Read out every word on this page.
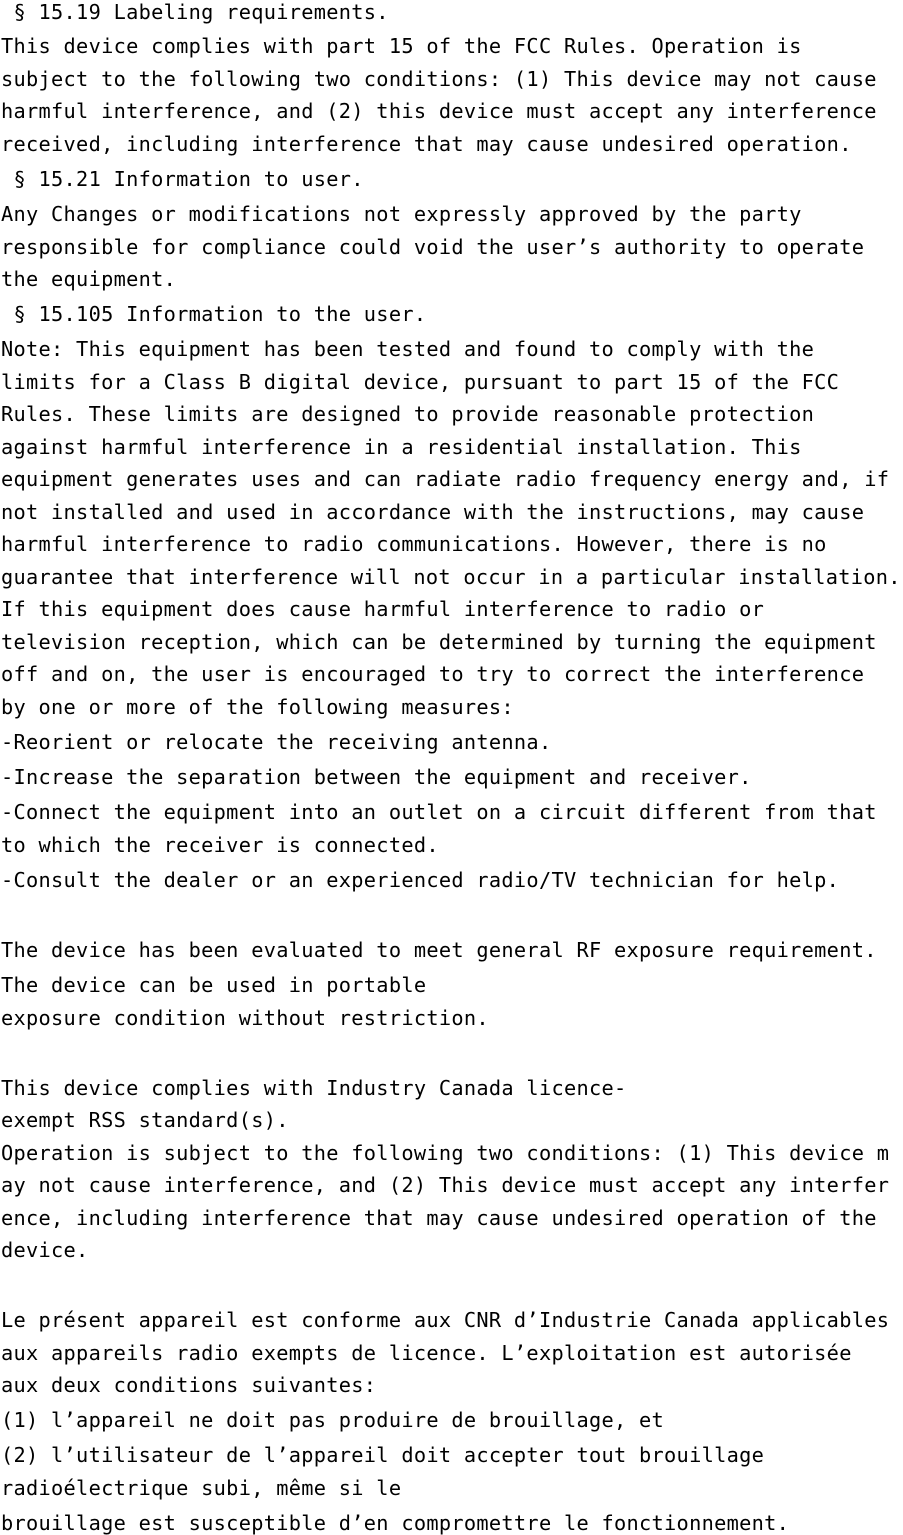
§ 15.19 Labeling requirements.
This device complies with part 15 of the FCC Rules. Operation is
subject to the following two conditions: (1) This device may not cause
harmful interference, and (2) this device must accept any interference
received, including interference that may cause undesired operation.
§ 15.21 Information to user.
Any Changes or modifications not expressly approved by the party
responsible for compliance could void the user’s authority to operate
the equipment.
§ 15.105 Information to the user.
Note: This equipment has been tested and found to comply with the
limits for a Class B digital device, pursuant to part 15 of the FCC
Rules. These limits are designed to provide reasonable protection
against harmful interference in a residential installation. This
equipment generates uses and can radiate radio frequency energy and, if
not installed and used in accordance with the instructions, may cause
harmful interference to radio communications. However, there is no
guarantee that interference will not occur in a particular installation.
If this equipment does cause harmful interference to radio or
television reception, which can be determined by turning the equipment
off and on, the user is encouraged to try to correct the interference
by one or more of the following measures:
-Reorient or relocate the receiving antenna.
-Increase the separation between the equipment and receiver.
-Connect the equipment into an outlet on a circuit different from that
to which the receiver is connected.
-Consult the dealer or an experienced radio/TV technician for help.
The device has been evaluated to meet general RF exposure requirement.
The device can be used in portable
exposure condition without restriction.
This device complies with Industry Canada licence-
exempt RSS standard(s).
Operation is subject to the following two conditions: (1) This device m
ay not cause interference, and (2) This device must accept any interfer
ence, including interference that may cause undesired operation of the
device.
Le présent appareil est conforme aux CNR d’Industrie Canada applicables
aux appareils radio exempts de licence. L’exploitation est autorisée
aux deux conditions suivantes:
(1) l’appareil ne doit pas produire de brouillage, et
(2) l’utilisateur de l’appareil doit accepter tout brouillage
radioélectrique subi, même si le
brouillage est susceptible d’en compromettre le fonctionnement.
